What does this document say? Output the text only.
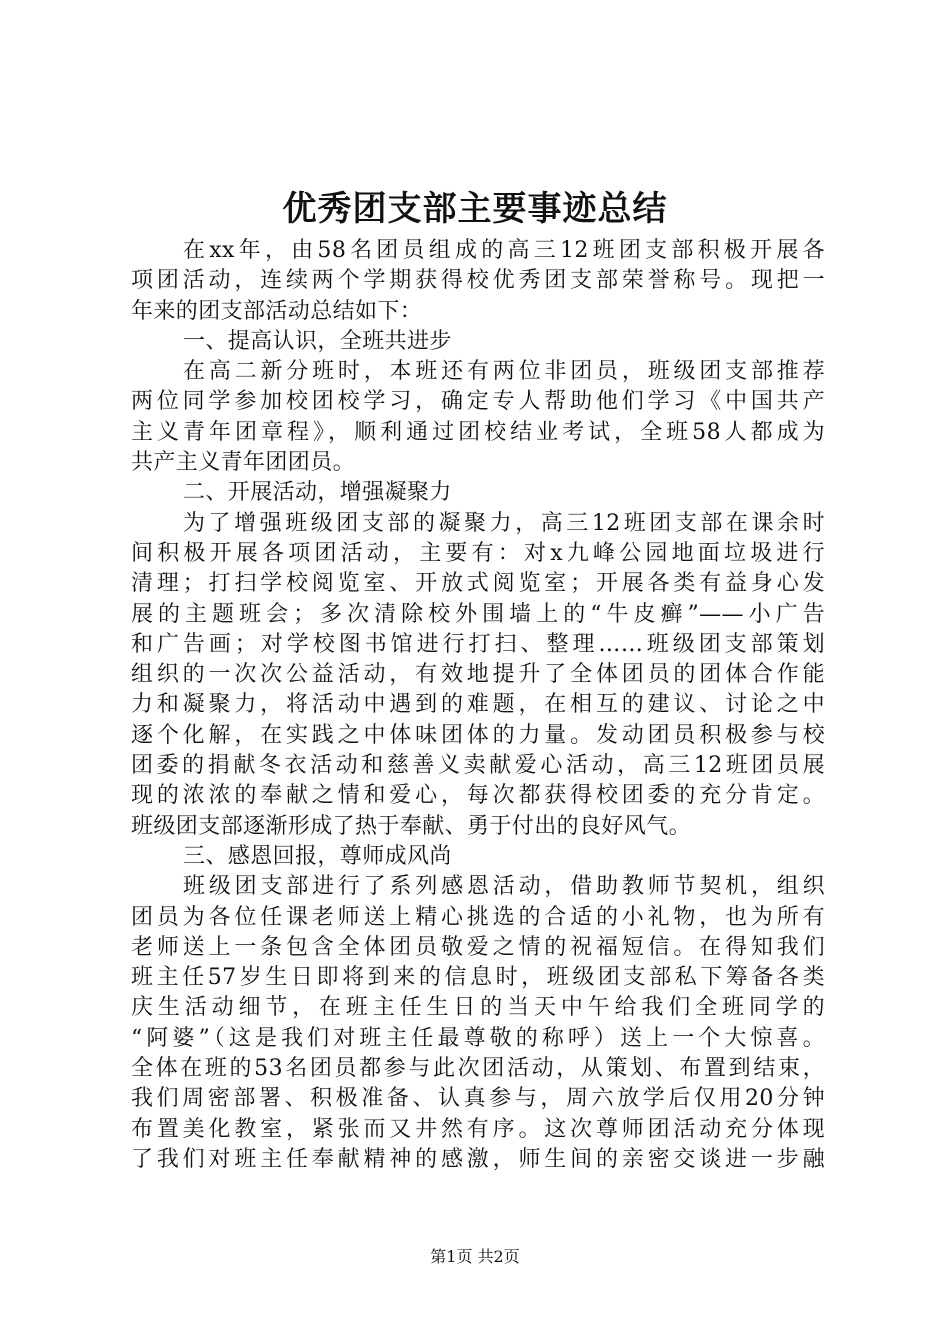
优秀团支部主要事迹总结
在xx年，由58名团员组成的高三12班团支部积极开展各
项团活动，连续两个学期获得校优秀团支部荣誉称号。现把一
年来的团支部活动总结如下：
一、提高认识，全班共进步
在高二新分班时，本班还有两位非团员，班级团支部推荐
两位同学参加校团校学习，确定专人帮助他们学习《中国共产
主义青年团章程》，顺利通过团校结业考试，全班58人都成为
共产主义青年团团员。
二、开展活动，增强凝聚力
为了增强班级团支部的凝聚力，高三12班团支部在课余时
间积极开展各项团活动，主要有：对x九峰公园地面垃圾进行
清理；打扫学校阅览室、开放式阅览室；开展各类有益身心发
展的主题班会；多次清除校外围墙上的“牛皮癣”——小广告
和广告画；对学校图书馆进行打扫、整理……班级团支部策划
组织的一次次公益活动，有效地提升了全体团员的团体合作能
力和凝聚力，将活动中遇到的难题，在相互的建议、讨论之中
逐个化解，在实践之中体味团体的力量。发动团员积极参与校
团委的捐献冬衣活动和慈善义卖献爱心活动，高三12班团员展
现的浓浓的奉献之情和爱心，每次都获得校团委的充分肯定。
班级团支部逐渐形成了热于奉献、勇于付出的良好风气。
三、感恩回报，尊师成风尚
班级团支部进行了系列感恩活动，借助教师节契机，组织
团员为各位任课老师送上精心挑选的合适的小礼物，也为所有
老师送上一条包含全体团员敬爱之情的祝福短信。在得知我们
班主任57岁生日即将到来的信息时，班级团支部私下筹备各类
庆生活动细节，在班主任生日的当天中午给我们全班同学的
“阿婆”（这是我们对班主任最尊敬的称呼）送上一个大惊喜。
全体在班的53名团员都参与此次团活动，从策划、布置到结束，
我们周密部署、积极准备、认真参与，周六放学后仅用20分钟
布置美化教室，紧张而又井然有序。这次尊师团活动充分体现
了我们对班主任奉献精神的感激，师生间的亲密交谈进一步融
第1页 共2页
